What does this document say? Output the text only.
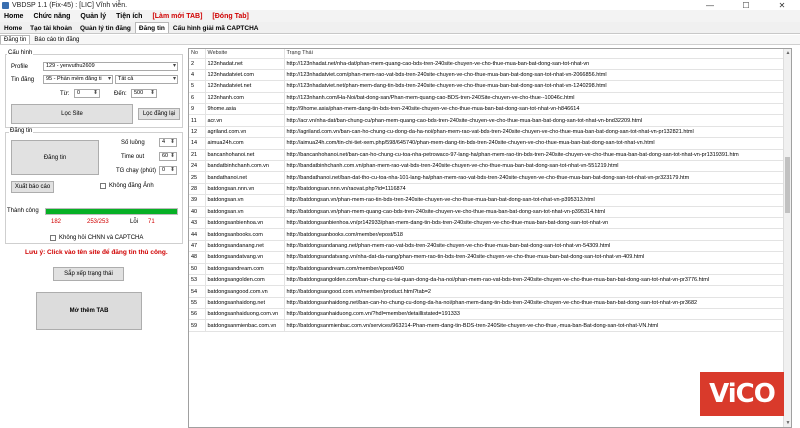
VBDSP 1.1 (Fix-45) : [LIC] Vĩnh viễn.	—	☐	✕
Home	Chức năng	Quản lý	Tiện ích	[Làm mới TAB]	[Đóng Tab]
Home	Tạo tài khoản	Quản lý tin đăng	Đăng tin	Cấu hình giải mã CAPTCHA
Đăng tin	Báo cáo tin đăng
Cấu hình
Profile	129 - yenvuthu2609 ▾
Tin đăng	95 - Phần mềm đăng ti ▾	Tất cả ▾
Từ:	0 ⬍	Đến:	500 ⬍
Lọc Site	Lọc đăng lại
Đăng tin
Đăng tin
Số luồng	4 ⬍
Time out	60 ⬍
TG chạy (phút)	0 ⬍
Xuất báo cáo	Không đăng Ảnh
Thành công
182	253/253	Lỗi 71
Không hỏi CHNN và CAPTCHA
Lưu ý: Click vào tên site để đăng tin thủ công.
Sắp xếp trạng thái
Mở thêm TAB
No	Website	Trạng Thái
2	123nhadat.net	http://123nhadat.net/nha-dat/phan-mem-quang-cao-bds-tren-240site-chuyen-ve-cho-thue-mua-ban-bat-dong-san-tot-nhat-vn
4	123nhadatviet.com	http://123nhadatviet.com/phan-mem-rao-vat-bds-tren-240site-chuyen-ve-cho-thue-mua-ban-bat-dong-san-tot-nhat-vn-2066856.html
5	123nhadatviet.net	http://123nhadatviet.net/phan-mem-dang-tin-bds-tren-240site-chuyen-ve-cho-thue-mua-ban-bat-dong-san-tot-nhat-vn-1240298.html
6	123nhanh.com	http://123nhanh.com/Ha-Noi/bat-dong-san/Phan-mem-quang-cao-BDS-tren-240Site-chuyen-ve-cho-thue--10046c.html
9	9home.asia	http://9home.asia/phan-mem-dang-tin-bds-tren-240site-chuyen-ve-cho-thue-mua-ban-bat-dong-san-tot-nhat-vn-h846614
11	acr.vn	http://acr.vn/nha-dat/ban-chung-cu/phan-mem-quang-cao-bds-tren-240site-chuyen-ve-cho-thue-mua-ban-bat-dong-san-tot-nhat-vn-bnd32209.html
12	agriland.com.vn	http://agriland.com.vn/ban-can-ho-chung-cu-dong-da-ha-noi/phan-mem-rao-vat-bds-tren-240site-chuyen-ve-cho-thue-mua-ban-bat-dong-san-tot-nhat-vn-pr132821.html
14	aimua24h.com	http://aimua24h.com/tin-chi-tiet-xem.php/598/645740/phan-mem-dang-tin-bds-tren-240site-chuyen-ve-cho-thue-mua-ban-bat-dong-san-tot-nhat-vn.html
21	bancanhohanoi.net	http://bancanhohanoi.net/ban-can-ho-chung-cu-toa-nha-petrowaco-97-lang-ha/phan-mem-rao-tin-bds-tren-240site-chuyen-ve-cho-thue-mua-ban-bat-dong-san-tot-nhat-vn-pr1319391.htm
24	bandatbinhchanh.com.vn	http://bandatbinhchanh.com.vn/phan-mem-rao-vat-bds-tren-240site-chuyen-ve-cho-thue-mua-ban-bat-dong-san-tot-nhat-vn-551219.html
25	bandathanoi.net	http://bandathanoi.net/ban-dat-tho-cu-toa-nha-101-lang-ha/phan-mem-rao-vat-bds-tren-240site-chuyen-ve-cho-thue-mua-ban-bat-dong-san-tot-nhat-vn-pr323179.htm
28	batdongsan.nnn.vn	http://batdongsan.nnn.vn/raovat.php?id=1116874
39	batdongsan.vn	http://batdongsan.vn/phan-mem-rao-tin-bds-tren-240site-chuyen-ve-cho-thue-mua-ban-bat-dong-san-tot-nhat-vn-p395313.html
40	batdongsan.vn	http://batdongsan.vn/phan-mem-quang-cao-bds-tren-240site-chuyen-ve-cho-thue-mua-ban-bat-dong-san-tot-nhat-vn-p395314.html
43	batdongsanbienhoa.vn	http://batdongsanbienhoa.vn/pr142933/phan-mem-dang-tin-bds-tren-240site-chuyen-ve-cho-thue-mua-ban-bat-dong-san-tot-nhat-vn
44	batdongsanbooks.com	http://batdongsanbooks.com/member/epost/518
47	batdongsandanang.net	http://batdongsandanang.net/phan-mem-rao-vat-bds-tren-240site-chuyen-ve-cho-thue-mua-ban-bat-dong-san-tot-nhat-vn-54309.html
48	batdongsandatvang.vn	http://batdongsandatvang.vn/nha-dat-da-nang/phan-mem-rao-tin-bds-tren-240site-chuyen-ve-cho-thue-mua-ban-bat-dong-san-tot-nhat-vn-409.html
50	batdongsandream.com	http://batdongsandream.com/member/epost/490
53	batdongsangolden.com	http://batdongsangolden.com/ban-chung-cu-tai-quan-dong-da-ha-noi/phan-mem-rao-vat-bds-tren-240site-chuyen-ve-cho-thue-mua-ban-bat-dong-san-tot-nhat-vn-pr3776.html
54	batdongsangood.com.vn	http://batdongsangood.com.vn/member/product.html?tab=2
55	batdongsanhaidong.net	http://batdongsanhaidong.net/ban-can-ho-chung-cu-dong-da-ha-noi/phan-mem-dang-tin-bds-tren-240site-chuyen-ve-cho-thue-mua-ban-bat-dong-san-tot-nhat-vn-pr3682
56	batdongsanhaiduong.com.vn	http://batdongsanhaiduong.com.vn/?hdl=member/detaillistated=191333
59	batdongsanmienbac.com.vn	http://batdongsanmienbac.com.vn/services/963214-Phan-mem-dang-tin-BDS-tren-240Site-chuyen-ve-cho-thue,-mua-ban-Bat-dong-san-tot-nhat-VN.html
▲
▼
ViCO
